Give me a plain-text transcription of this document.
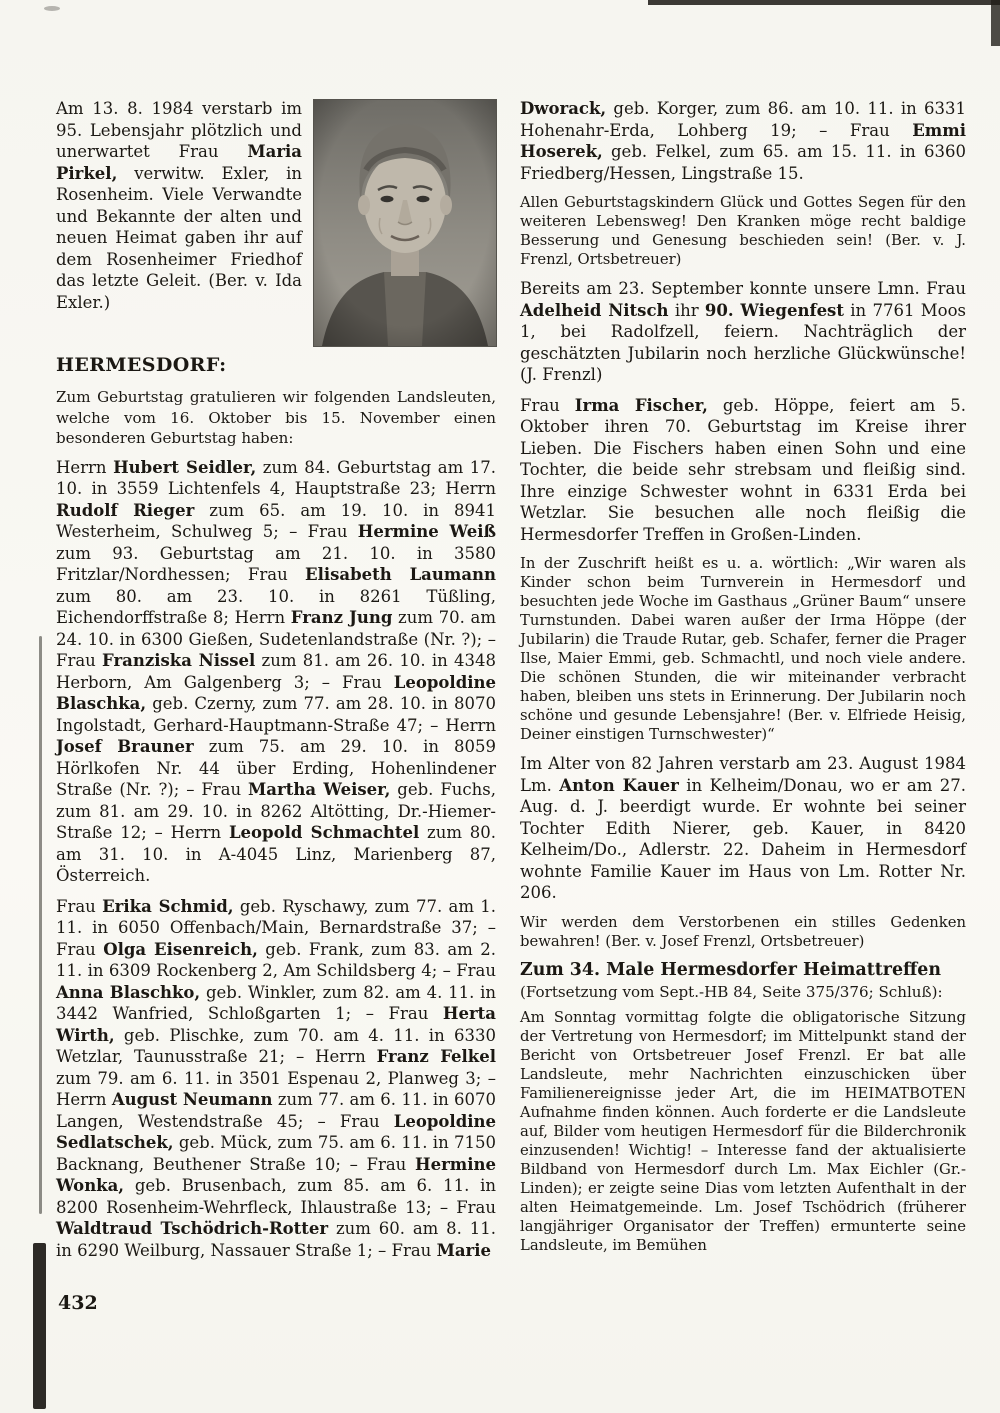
Am 13. 8. 1984 verstarb im 95. Lebensjahr plötzlich und unerwartet Frau Maria Pirkel, verwitw. Exler, in Rosenheim. Viele Verwandte und Bekannte der alten und neuen Heimat gaben ihr auf dem Rosenheimer Friedhof das letzte Geleit. (Ber. v. Ida Exler.)

HERMESDORF:

Zum Geburtstag gratulieren wir folgenden Landsleuten, welche vom 16. Oktober bis 15. November einen besonderen Geburtstag haben:

Herrn Hubert Seidler, zum 84. Geburtstag am 17. 10. in 3559 Lichtenfels 4, Hauptstraße 23; Herrn Rudolf Rieger zum 65. am 19. 10. in 8941 Westerheim, Schulweg 5; – Frau Hermine Weiß zum 93. Geburtstag am 21. 10. in 3580 Fritzlar/Nordhessen; Frau Elisabeth Laumann zum 80. am 23. 10. in 8261 Tüßling, Eichendorffstraße 8; Herrn Franz Jung zum 70. am 24. 10. in 6300 Gießen, Sudetenlandstraße (Nr. ?); – Frau Franziska Nissel zum 81. am 26. 10. in 4348 Herborn, Am Galgenberg 3; – Frau Leopoldine Blaschka, geb. Czerny, zum 77. am 28. 10. in 8070 Ingolstadt, Gerhard-Hauptmann-Straße 47; – Herrn Josef Brauner zum 75. am 29. 10. in 8059 Hörlkofen Nr. 44 über Erding, Hohenlindener Straße (Nr. ?); – Frau Martha Weiser, geb. Fuchs, zum 81. am 29. 10. in 8262 Altötting, Dr.-Hiemer-Straße 12; – Herrn Leopold Schmachtel zum 80. am 31. 10. in A-4045 Linz, Marienberg 87, Österreich.

Frau Erika Schmid, geb. Ryschawy, zum 77. am 1. 11. in 6050 Offenbach/Main, Bernardstraße 37; – Frau Olga Eisenreich, geb. Frank, zum 83. am 2. 11. in 6309 Rockenberg 2, Am Schildsberg 4; – Frau Anna Blaschko, geb. Winkler, zum 82. am 4. 11. in 3442 Wanfried, Schloßgarten 1; – Frau Herta Wirth, geb. Plischke, zum 70. am 4. 11. in 6330 Wetzlar, Taunusstraße 21; – Herrn Franz Felkel zum 79. am 6. 11. in 3501 Espenau 2, Planweg 3; – Herrn August Neumann zum 77. am 6. 11. in 6070 Langen, Westendstraße 45; – Frau Leopoldine Sedlatschek, geb. Mück, zum 75. am 6. 11. in 7150 Backnang, Beuthener Straße 10; – Frau Hermine Wonka, geb. Brusenbach, zum 85. am 6. 11. in 8200 Rosenheim-Wehrfleck, Ihlaustraße 13; – Frau Waldtraud Tschödrich-Rotter zum 60. am 8. 11. in 6290 Weilburg, Nassauer Straße 1; – Frau Marie

Dworack, geb. Korger, zum 86. am 10. 11. in 6331 Hohenahr-Erda, Lohberg 19; – Frau Emmi Hoserek, geb. Felkel, zum 65. am 15. 11. in 6360 Friedberg/Hessen, Lingstraße 15.

Allen Geburtstagskindern Glück und Gottes Segen für den weiteren Lebensweg! Den Kranken möge recht baldige Besserung und Genesung beschieden sein! (Ber. v. J. Frenzl, Ortsbetreuer)

Bereits am 23. September konnte unsere Lmn. Frau Adelheid Nitsch ihr 90. Wiegenfest in 7761 Moos 1, bei Radolfzell, feiern. Nachträglich der geschätzten Jubilarin noch herzliche Glückwünsche! (J. Frenzl)

Frau Irma Fischer, geb. Höppe, feiert am 5. Oktober ihren 70. Geburtstag im Kreise ihrer Lieben. Die Fischers haben einen Sohn und eine Tochter, die beide sehr strebsam und fleißig sind. Ihre einzige Schwester wohnt in 6331 Erda bei Wetzlar. Sie besuchen alle noch fleißig die Hermesdorfer Treffen in Großen-Linden.

In der Zuschrift heißt es u. a. wörtlich: „Wir waren als Kinder schon beim Turnverein in Hermesdorf und besuchten jede Woche im Gasthaus „Grüner Baum“ unsere Turnstunden. Dabei waren außer der Irma Höppe (der Jubilarin) die Traude Rutar, geb. Schafer, ferner die Prager Ilse, Maier Emmi, geb. Schmachtl, und noch viele andere. Die schönen Stunden, die wir miteinander verbracht haben, bleiben uns stets in Erinnerung. Der Jubilarin noch schöne und gesunde Lebensjahre! (Ber. v. Elfriede Heisig, Deiner einstigen Turnschwester)“

Im Alter von 82 Jahren verstarb am 23. August 1984 Lm. Anton Kauer in Kelheim/Donau, wo er am 27. Aug. d. J. beerdigt wurde. Er wohnte bei seiner Tochter Edith Nierer, geb. Kauer, in 8420 Kelheim/Do., Adlerstr. 22. Daheim in Hermesdorf wohnte Familie Kauer im Haus von Lm. Rotter Nr. 206.

Wir werden dem Verstorbenen ein stilles Gedenken bewahren! (Ber. v. Josef Frenzl, Ortsbetreuer)

Zum 34. Male Hermesdorfer Heimattreffen

(Fortsetzung vom Sept.-HB 84, Seite 375/376; Schluß):

Am Sonntag vormittag folgte die obligatorische Sitzung der Vertretung von Hermesdorf; im Mittelpunkt stand der Bericht von Ortsbetreuer Josef Frenzl. Er bat alle Landsleute, mehr Nachrichten einzuschicken über Familienereignisse jeder Art, die im HEIMATBOTEN Aufnahme finden können. Auch forderte er die Landsleute auf, Bilder vom heutigen Hermesdorf für die Bilderchronik einzusenden! Wichtig! – Interesse fand der aktualisierte Bildband von Hermesdorf durch Lm. Max Eichler (Gr.-Linden); er zeigte seine Dias vom letzten Aufenthalt in der alten Heimatgemeinde. Lm. Josef Tschödrich (früherer langjähriger Organisator der Treffen) ermunterte seine Landsleute, im Bemühen

432
